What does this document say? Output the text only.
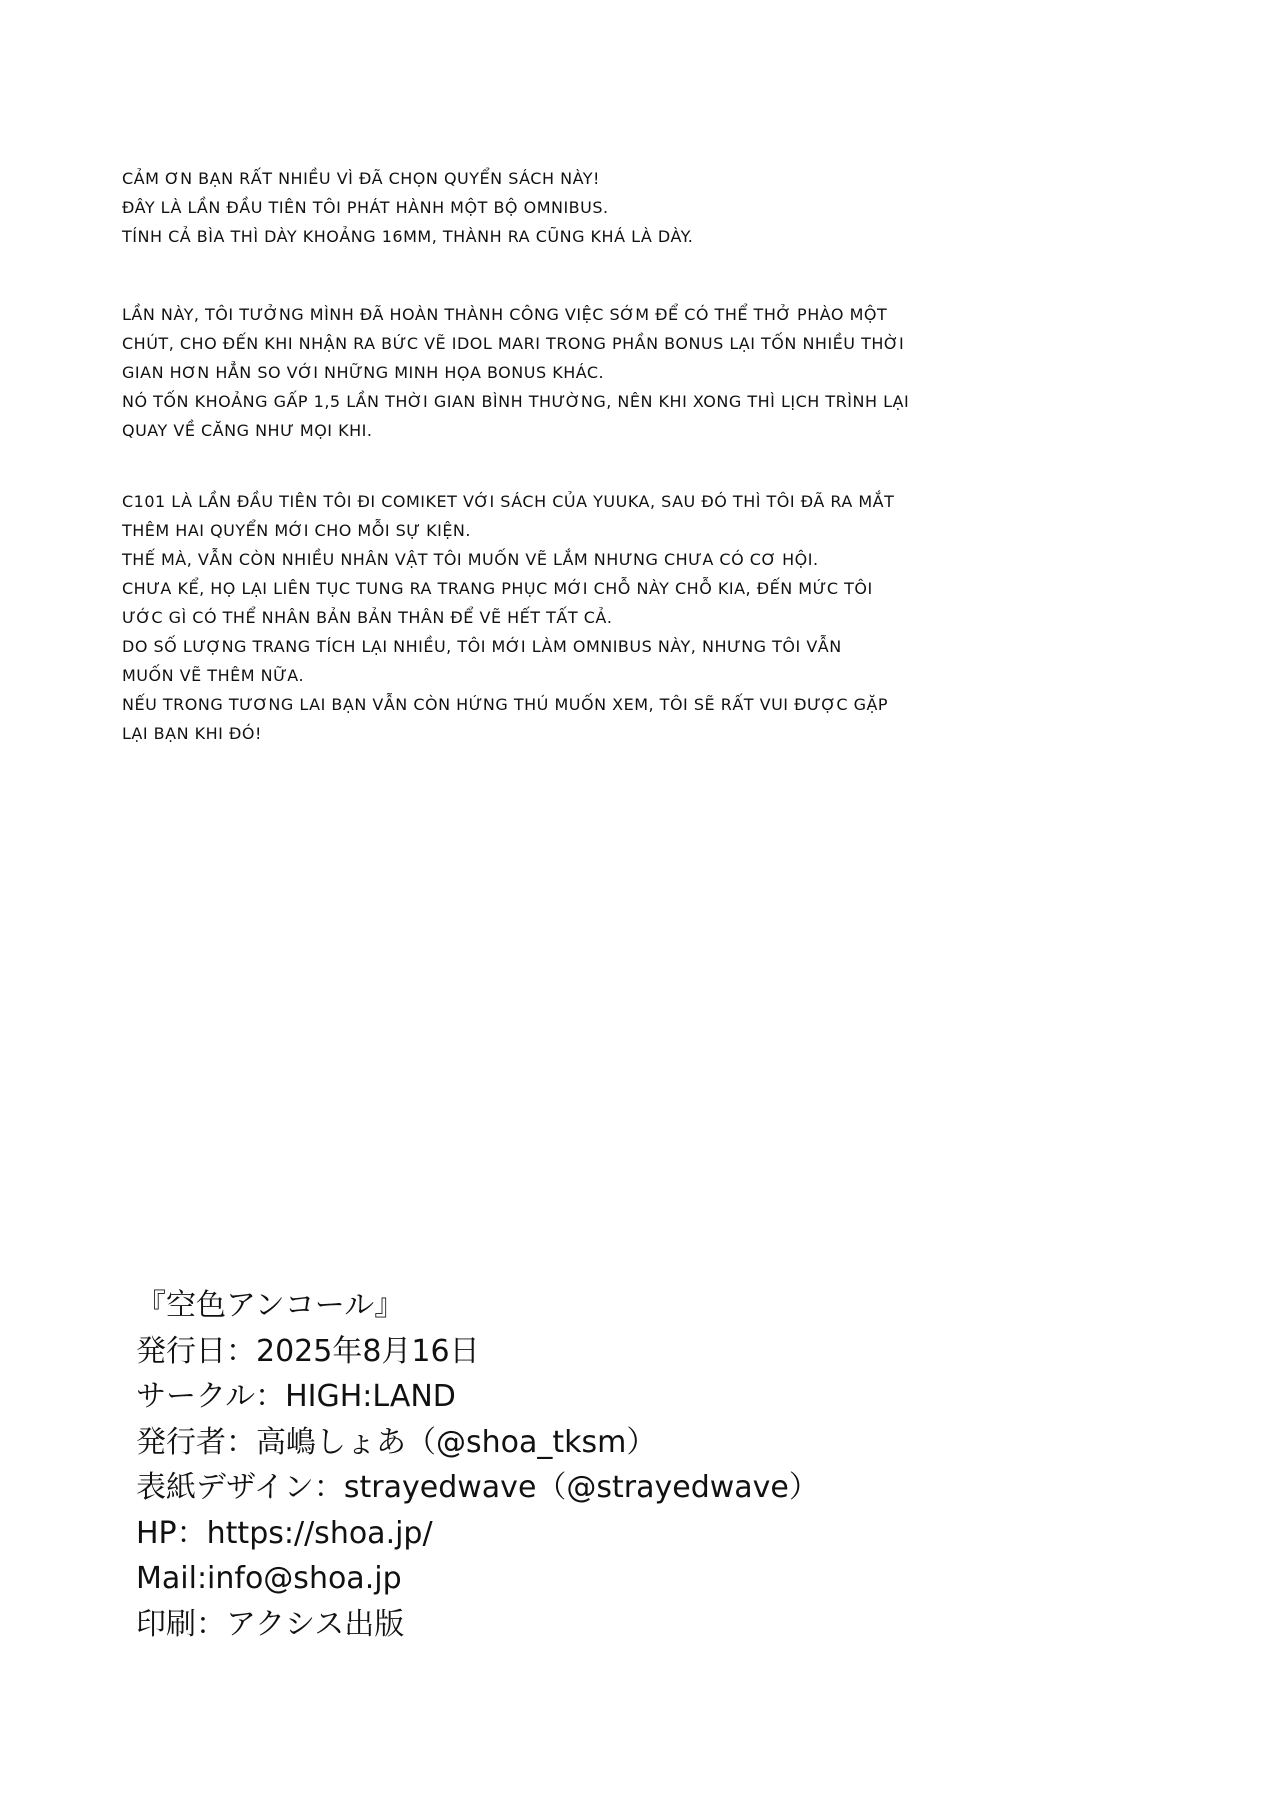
CẢM ƠN BẠN RẤT NHIỀU VÌ ĐÃ CHỌN QUYỂN SÁCH NÀY!
ĐÂY LÀ LẦN ĐẦU TIÊN TÔI PHÁT HÀNH MỘT BỘ OMNIBUS.
TÍNH CẢ BÌA THÌ DÀY KHOẢNG 16MM, THÀNH RA CŨNG KHÁ LÀ DÀY.
LẦN NÀY, TÔI TƯỞNG MÌNH ĐÃ HOÀN THÀNH CÔNG VIỆC SỚM ĐỂ CÓ THỂ THỞ PHÀO MỘT
CHÚT, CHO ĐẾN KHI NHẬN RA BỨC VẼ IDOL MARI TRONG PHẦN BONUS LẠI TỐN NHIỀU THỜI
GIAN HƠN HẲN SO VỚI NHỮNG MINH HỌA BONUS KHÁC.
NÓ TỐN KHOẢNG GẤP 1,5 LẦN THỜI GIAN BÌNH THƯỜNG, NÊN KHI XONG THÌ LỊCH TRÌNH LẠI
QUAY VỀ CĂNG NHƯ MỌI KHI.
C101 LÀ LẦN ĐẦU TIÊN TÔI ĐI COMIKET VỚI SÁCH CỦA YUUKA, SAU ĐÓ THÌ TÔI ĐÃ RA MẮT
THÊM HAI QUYỂN MỚI CHO MỖI SỰ KIỆN.
THẾ MÀ, VẪN CÒN NHIỀU NHÂN VẬT TÔI MUỐN VẼ LẮM NHƯNG CHƯA CÓ CƠ HỘI.
CHƯA KỂ, HỌ LẠI LIÊN TỤC TUNG RA TRANG PHỤC MỚI CHỖ NÀY CHỖ KIA, ĐẾN MỨC TÔI
ƯỚC GÌ CÓ THỂ NHÂN BẢN BẢN THÂN ĐỂ VẼ HẾT TẤT CẢ.
DO SỐ LƯỢNG TRANG TÍCH LẠI NHIỀU, TÔI MỚI LÀM OMNIBUS NÀY, NHƯNG TÔI VẪN
MUỐN VẼ THÊM NỮA.
NẾU TRONG TƯƠNG LAI BẠN VẪN CÒN HỨNG THÚ MUỐN XEM, TÔI SẼ RẤT VUI ĐƯỢC GẶP
LẠI BẠN KHI ĐÓ!
『空色アンコール』
発行日：2025年8月16日
サークル：HIGH:LAND
発行者：高嶋しょあ（@shoa_tksm）
表紙デザイン：strayedwave（@strayedwave）
HP：https://shoa.jp/
Mail:info@shoa.jp
印刷：アクシス出版
